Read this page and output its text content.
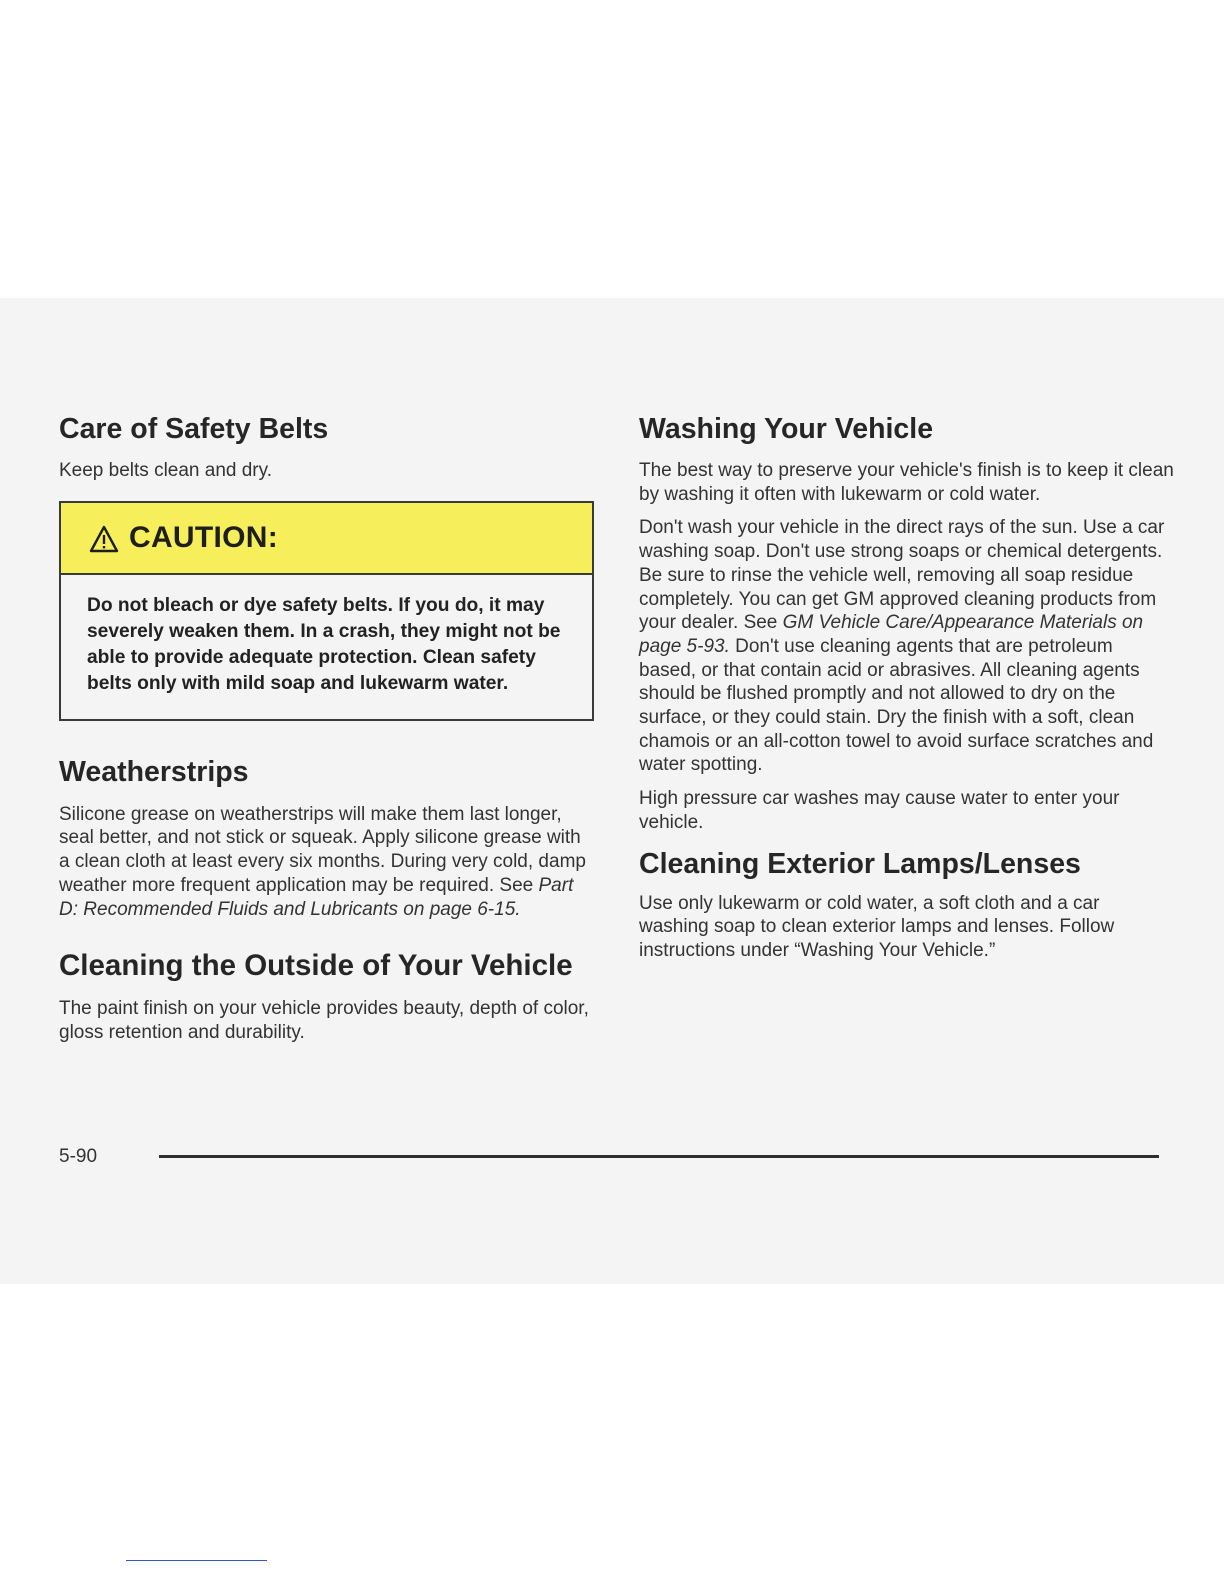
Care of Safety Belts

Keep belts clean and dry.

CAUTION:
Do not bleach or dye safety belts. If you do, it may severely weaken them. In a crash, they might not be able to provide adequate protection. Clean safety belts only with mild soap and lukewarm water.
Weatherstrips

Silicone grease on weatherstrips will make them last longer, seal better, and not stick or squeak. Apply silicone grease with a clean cloth at least every six months. During very cold, damp weather more frequent application may be required. See Part D: Recommended Fluids and Lubricants on page 6-15.

Cleaning the Outside of Your Vehicle

The paint finish on your vehicle provides beauty, depth of color, gloss retention and durability.

Washing Your Vehicle

The best way to preserve your vehicle's finish is to keep it clean by washing it often with lukewarm or cold water.

Don't wash your vehicle in the direct rays of the sun. Use a car washing soap. Don't use strong soaps or chemical detergents. Be sure to rinse the vehicle well, removing all soap residue completely. You can get GM approved cleaning products from your dealer. See GM Vehicle Care/Appearance Materials on page 5-93. Don't use cleaning agents that are petroleum based, or that contain acid or abrasives. All cleaning agents should be flushed promptly and not allowed to dry on the surface, or they could stain. Dry the finish with a soft, clean chamois or an all-cotton towel to avoid surface scratches and water spotting.

High pressure car washes may cause water to enter your vehicle.

Cleaning Exterior Lamps/Lenses

Use only lukewarm or cold water, a soft cloth and a car washing soap to clean exterior lamps and lenses. Follow instructions under “Washing Your Vehicle.”

5-90
